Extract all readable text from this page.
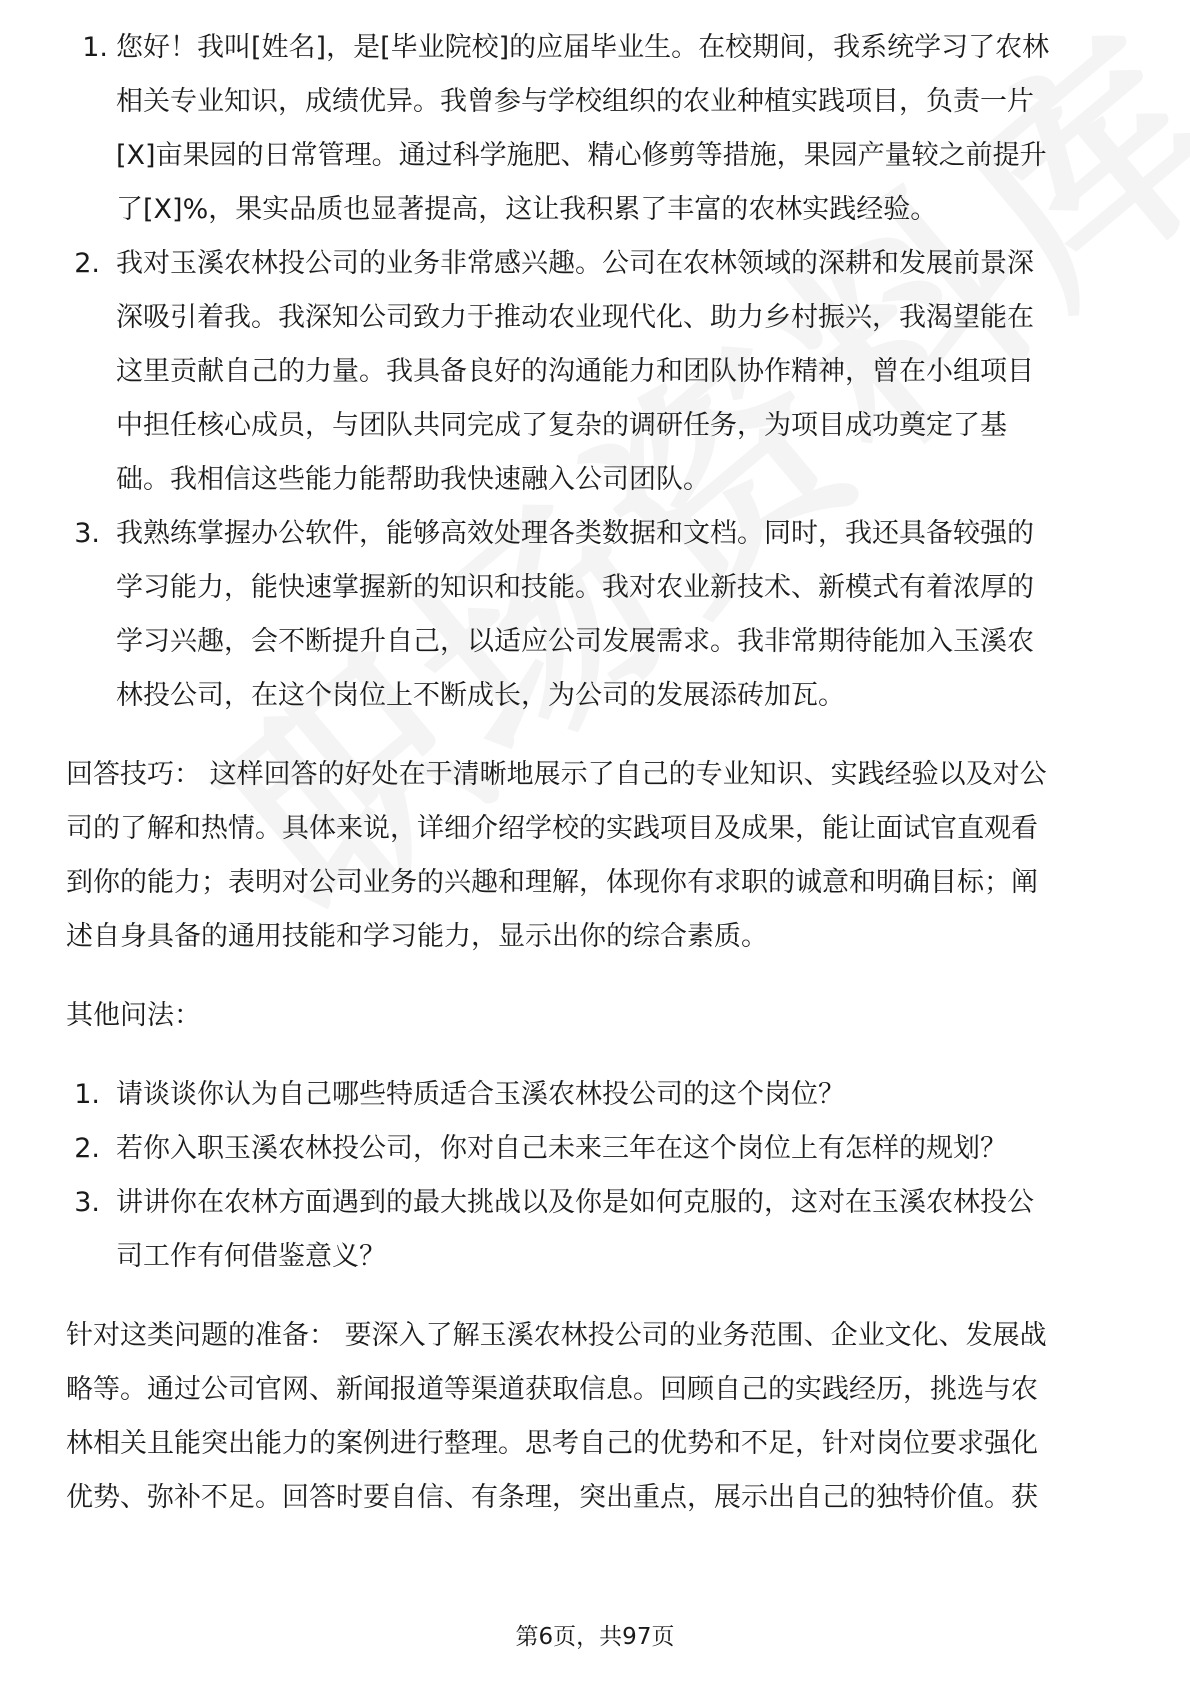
1. 您好！我叫[姓名]，是[毕业院校]的应届毕业生。在校期间，我系统学习了农林
相关专业知识，成绩优异。我曾参与学校组织的农业种植实践项目，负责一片
[X]亩果园的日常管理。通过科学施肥、精心修剪等措施，果园产量较之前提升
了[X]%，果实品质也显著提高，这让我积累了丰富的农林实践经验。
2. 我对玉溪农林投公司的业务非常感兴趣。公司在农林领域的深耕和发展前景深
深吸引着我。我深知公司致力于推动农业现代化、助力乡村振兴，我渴望能在
这里贡献自己的力量。我具备良好的沟通能力和团队协作精神，曾在小组项目
中担任核心成员，与团队共同完成了复杂的调研任务，为项目成功奠定了基
础。我相信这些能力能帮助我快速融入公司团队。
3. 我熟练掌握办公软件，能够高效处理各类数据和文档。同时，我还具备较强的
学习能力，能快速掌握新的知识和技能。我对农业新技术、新模式有着浓厚的
学习兴趣，会不断提升自己，以适应公司发展需求。我非常期待能加入玉溪农
林投公司，在这个岗位上不断成长，为公司的发展添砖加瓦。
回答技巧： 这样回答的好处在于清晰地展示了自己的专业知识、实践经验以及对公
司的了解和热情。具体来说，详细介绍学校的实践项目及成果，能让面试官直观看
到你的能力；表明对公司业务的兴趣和理解，体现你有求职的诚意和明确目标；阐
述自身具备的通用技能和学习能力，显示出你的综合素质。
其他问法：
1. 请谈谈你认为自己哪些特质适合玉溪农林投公司的这个岗位？
2. 若你入职玉溪农林投公司，你对自己未来三年在这个岗位上有怎样的规划？
3. 讲讲你在农林方面遇到的最大挑战以及你是如何克服的，这对在玉溪农林投公
司工作有何借鉴意义？
针对这类问题的准备： 要深入了解玉溪农林投公司的业务范围、企业文化、发展战
略等。通过公司官网、新闻报道等渠道获取信息。回顾自己的实践经历，挑选与农
林相关且能突出能力的案例进行整理。思考自己的优势和不足，针对岗位要求强化
优势、弥补不足。回答时要自信、有条理，突出重点，展示出自己的独特价值。获
第6页，共97页
